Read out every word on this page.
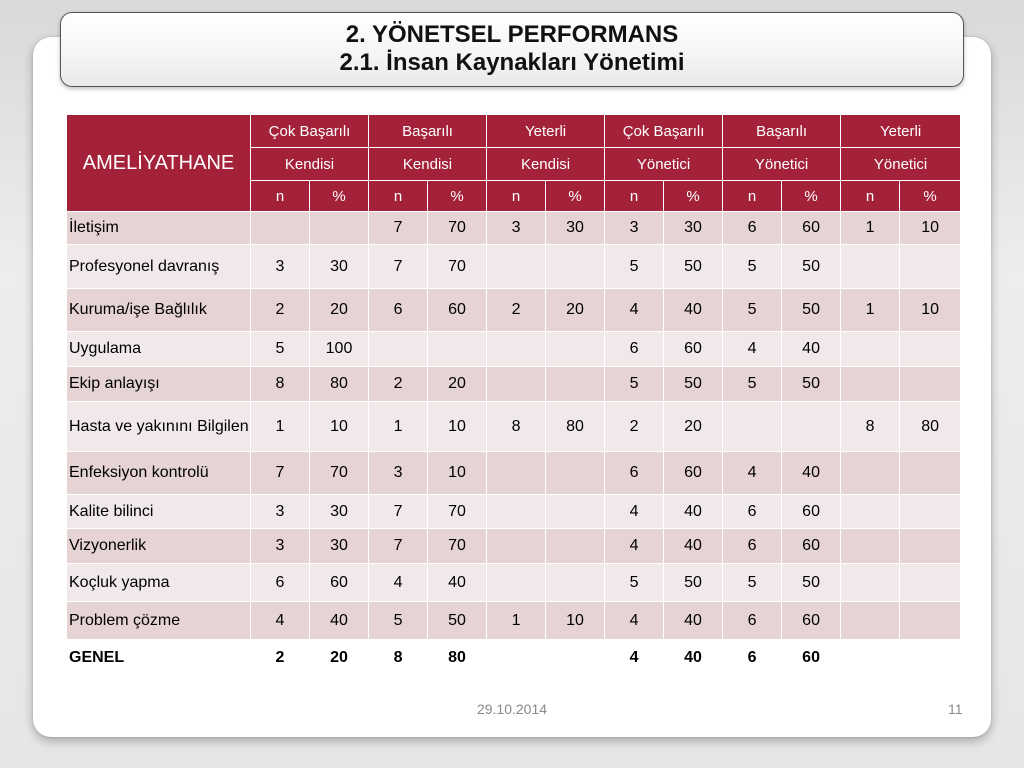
2. YÖNETSEL PERFORMANS
2.1. İnsan Kaynakları Yönetimi
AMELİYATHANE	Çok Başarılı		Başarılı		Yeterli		Çok Başarılı		Başarılı		Yeterli	
	Kendisi		Kendisi		Kendisi		Yönetici		Yönetici		Yönetici	
	n	%	n	%	n	%	n	%	n	%	n	%
İletişim			7	70	3	30	3	30	6	60	1	10
Profesyonel davranış	3	30	7	70			5	50	5	50		
Kuruma/işe Bağlılık	2	20	6	60	2	20	4	40	5	50	1	10
Uygulama	5	100					6	60	4	40		
Ekip anlayışı	8	80	2	20			5	50	5	50		
Hasta ve yakınını Bilgilen	1	10	1	10	8	80	2	20			8	80
Enfeksiyon kontrolü	7	70	3	10			6	60	4	40		
Kalite bilinci	3	30	7	70			4	40	6	60		
Vizyonerlik	3	30	7	70			4	40	6	60		
Koçluk yapma	6	60	4	40			5	50	5	50		
Problem çözme	4	40	5	50	1	10	4	40	6	60		
GENEL	2	20	8	80			4	40	6	60		
29.10.2014	11
